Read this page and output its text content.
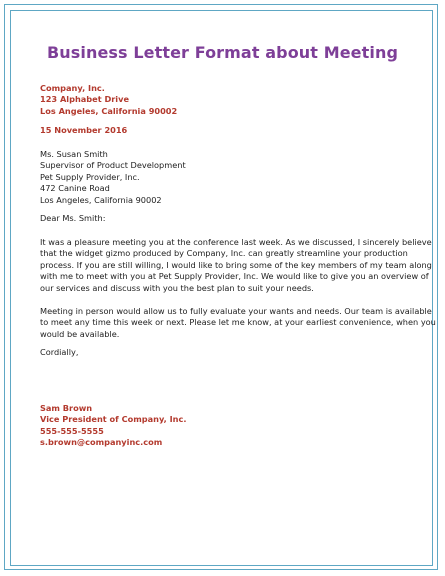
Business Letter Format about Meeting
Company, Inc.
123 Alphabet Drive
Los Angeles, California 90002
15 November 2016
Ms. Susan Smith
Supervisor of Product Development
Pet Supply Provider, Inc.
472 Canine Road
Los Angeles, California 90002
Dear Ms. Smith:
It was a pleasure meeting you at the conference last week. As we discussed, I sincerely believe
that the widget gizmo produced by Company, Inc. can greatly streamline your production
process. If you are still willing, I would like to bring some of the key members of my team along
with me to meet with you at Pet Supply Provider, Inc. We would like to give you an overview of
our services and discuss with you the best plan to suit your needs.
Meeting in person would allow us to fully evaluate your wants and needs. Our team is available
to meet any time this week or next. Please let me know, at your earliest convenience, when you
would be available.
Cordially,
Sam Brown
Vice President of Company, Inc.
555-555-5555
s.brown@companyinc.com
